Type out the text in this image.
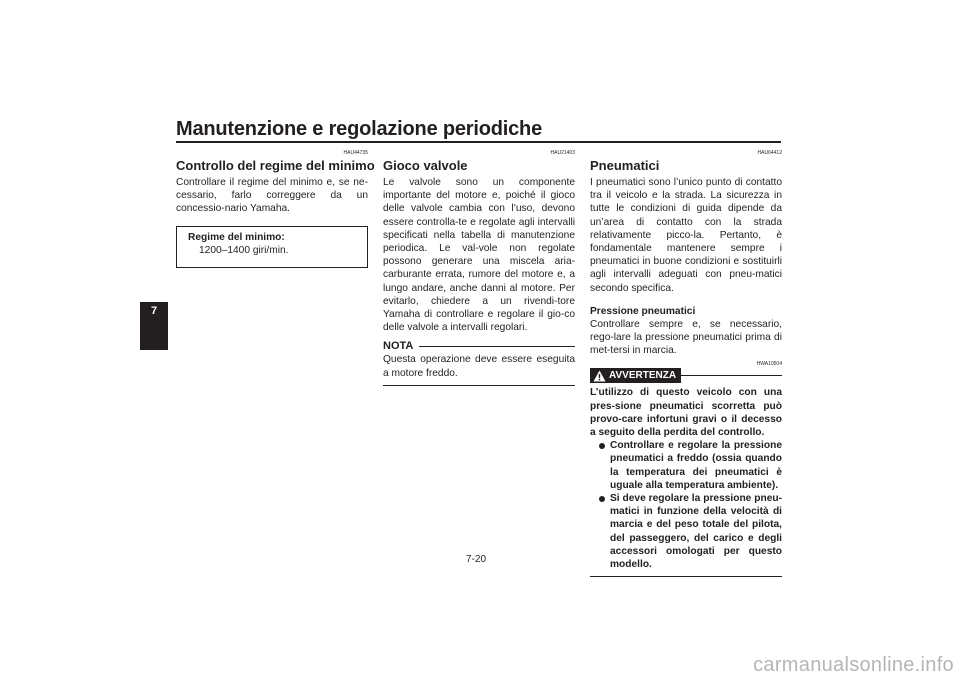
Manutenzione e regolazione periodiche
7
HAU44735
Controllo del regime del minimo

Controllare il regime del minimo e, se ne-cessario, farlo correggere da un concessio-nario Yamaha.

Regime del minimo:
1200–1400 giri/min.
HAU21403
Gioco valvole

Le valvole sono un componente importante del motore e, poiché il gioco delle valvole cambia con l’uso, devono essere controlla-te e regolate agli intervalli specificati nella tabella di manutenzione periodica. Le val-vole non regolate possono generare una miscela aria-carburante errata, rumore del motore e, a lungo andare, anche danni al motore. Per evitarlo, chiedere a un rivendi-tore Yamaha di controllare e regolare il gio-co delle valvole a intervalli regolari.

NOTA

Questa operazione deve essere eseguita a motore freddo.

HAU64412
Pneumatici

I pneumatici sono l’unico punto di contatto tra il veicolo e la strada. La sicurezza in tutte le condizioni di guida dipende da un’area di contatto con la strada relativamente picco-la. Pertanto, è fondamentale mantenere sempre i pneumatici in buone condizioni e sostituirli agli intervalli adeguati con pneu-matici secondo specifica.

Pressione pneumatici

Controllare sempre e, se necessario, rego-lare la pressione pneumatici prima di met-tersi in marcia.

HWA10504
AVVERTENZA

L’utilizzo di questo veicolo con una pres-sione pneumatici scorretta può provo-care infortuni gravi o il decesso a seguito della perdita del controllo.

Controllare e regolare la pressione pneumatici a freddo (ossia quando la temperatura dei pneumatici è uguale alla temperatura ambiente).
Si deve regolare la pressione pneu-matici in funzione della velocità di marcia e del peso totale del pilota, del passeggero, del carico e degli accessori omologati per questo modello.
7-20
carmanualsonline.info
